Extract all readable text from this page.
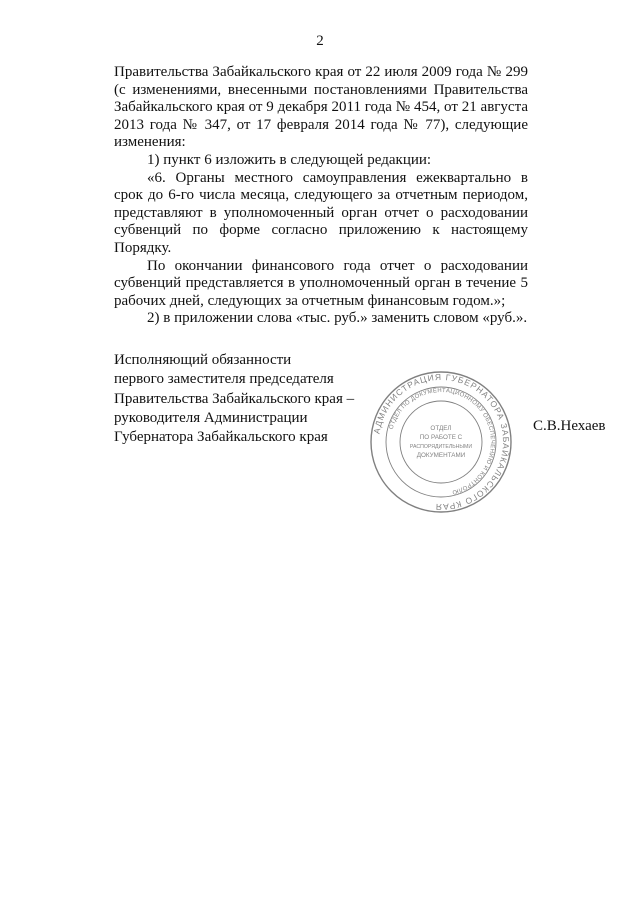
2

Правительства Забайкальского края от 22 июля 2009 года № 299 (с изменениями, внесенными постановлениями Правительства Забайкальского края от 9 декабря 2011 года № 454, от 21 августа 2013 года № 347, от 17 февраля 2014 года № 77), следующие изменения:

1) пункт 6 изложить в следующей редакции:

«6. Органы местного самоуправления ежеквартально в срок до 6-го числа месяца, следующего за отчетным периодом, представляют в уполномоченный орган отчет о расходовании субвенций по форме согласно приложению к настоящему Порядку.

По окончании финансового года отчет о расходовании субвенций представляется в уполномоченный орган в течение 5 рабочих дней, следующих за отчетным финансовым годом.»;

2) в приложении слова «тыс. руб.» заменить словом «руб.».

Исполняющий обязанности
первого заместителя председателя
Правительства Забайкальского края –
руководителя Администрации
Губернатора Забайкальского края
С.В.Нехаев
АДМИНИСТРАЦИЯ ГУБЕРНАТОРА ЗАБАЙКАЛЬСКОГО КРАЯ
ОТДЕЛ ПО ДОКУМЕНТАЦИОННОМУ ОБЕСПЕЧЕНИЮ И КОНТРОЛЮ
ОТДЕЛ
ПО РАБОТЕ С
РАСПОРЯДИТЕЛЬНЫМИ
ДОКУМЕНТАМИ
